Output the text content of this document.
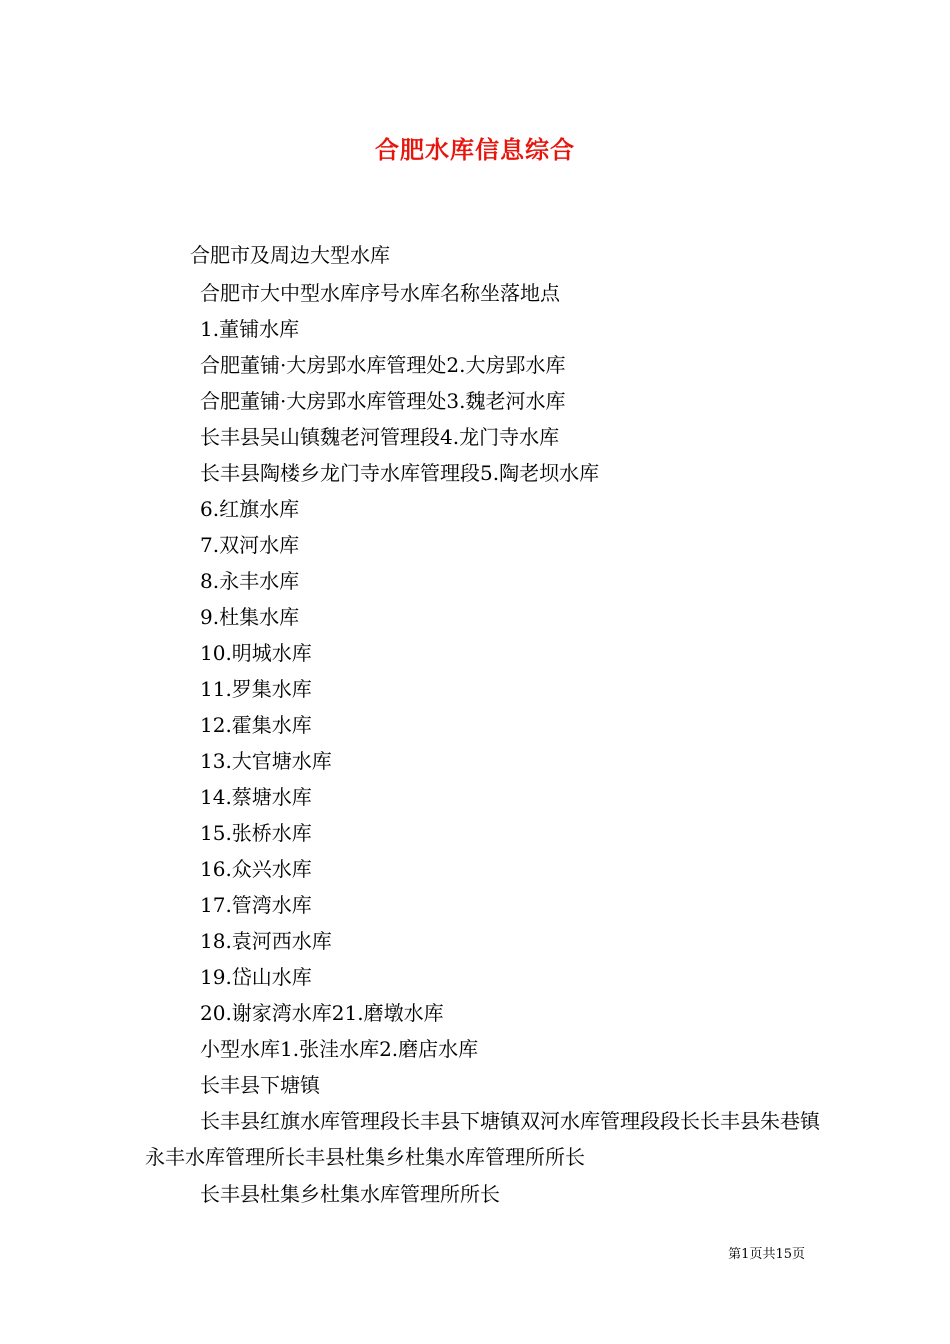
合肥水库信息综合
合肥市及周边大型水库
合肥市大中型水库序号水库名称坐落地点
1.董铺水库
合肥董铺·大房郢水库管理处2.大房郢水库
合肥董铺·大房郢水库管理处3.魏老河水库
长丰县吴山镇魏老河管理段4.龙门寺水库
长丰县陶楼乡龙门寺水库管理段5.陶老坝水库
6.红旗水库
7.双河水库
8.永丰水库
9.杜集水库
10.明城水库
11.罗集水库
12.霍集水库
13.大官塘水库
14.蔡塘水库
15.张桥水库
16.众兴水库
17.管湾水库
18.袁河西水库
19.岱山水库
20.谢家湾水库21.磨墩水库
小型水库1.张洼水库2.磨店水库
长丰县下塘镇

长丰县红旗水库管理段长丰县下塘镇双河水库管理段段长长丰县朱巷镇永丰水库管理所长丰县杜集乡杜集水库管理所所长

长丰县杜集乡杜集水库管理所所长

第1页共15页
